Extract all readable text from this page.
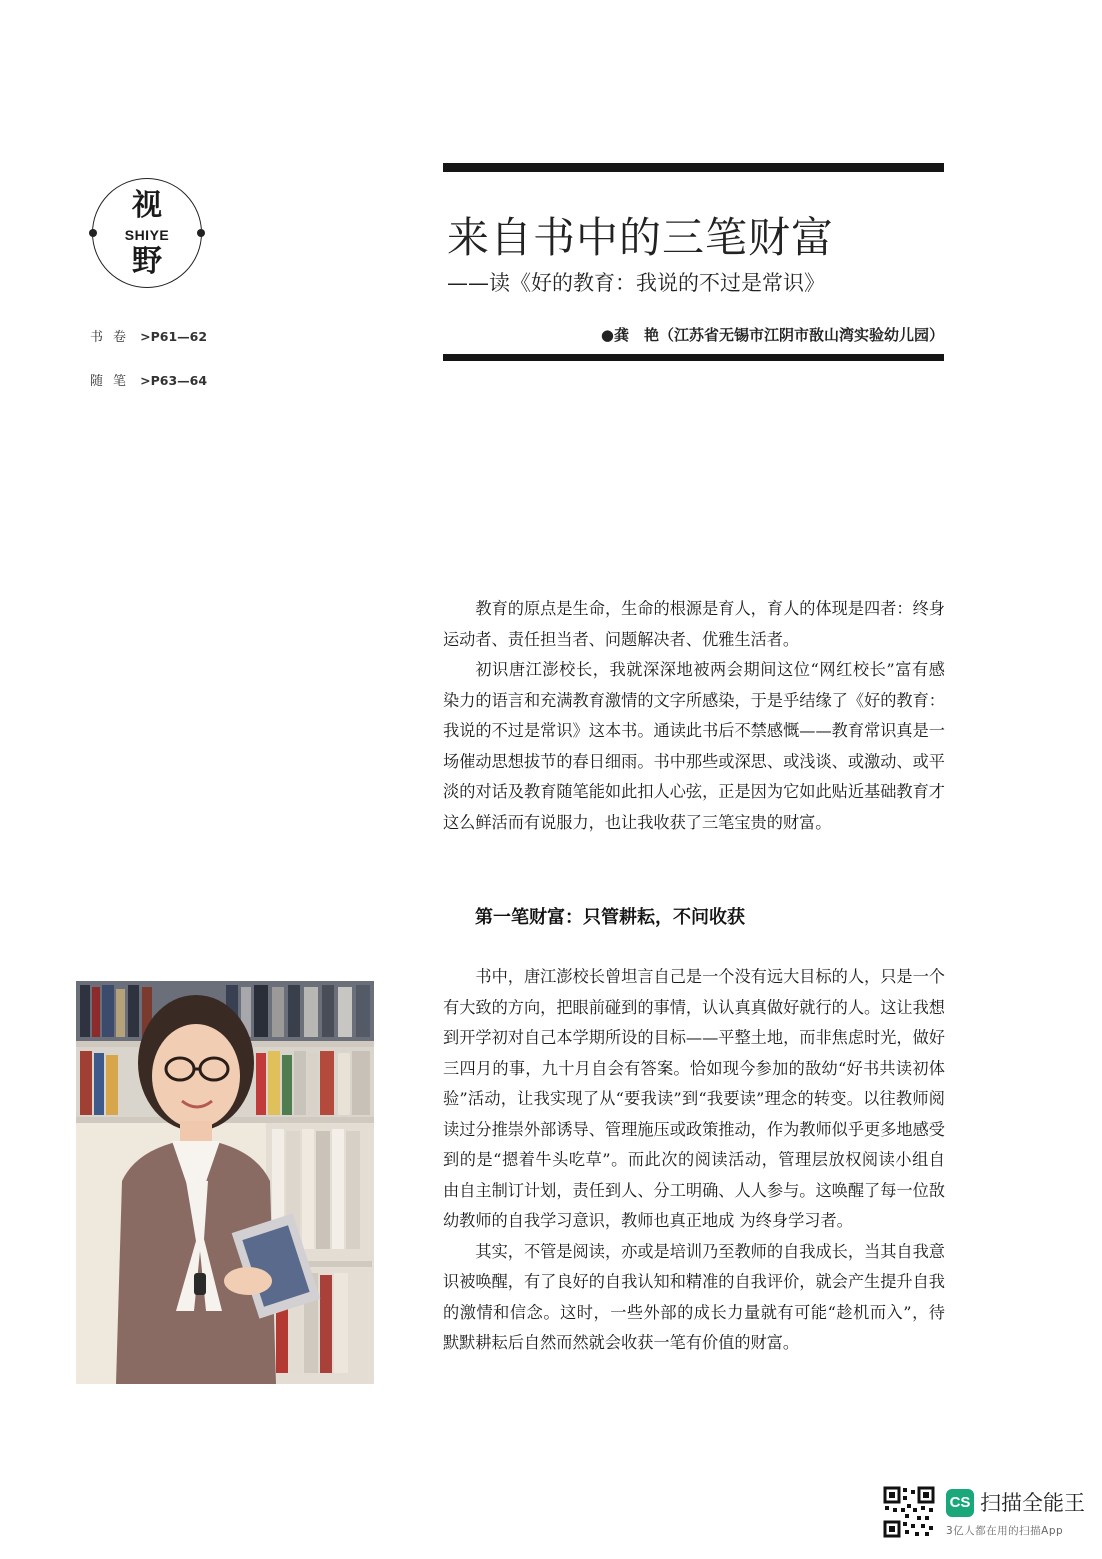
视
SHIYE
野
书卷 >P61—62
随笔 >P63—64
来自书中的三笔财富
——读《好的教育：我说的不过是常识》
●龚　艳（江苏省无锡市江阴市敔山湾实验幼儿园）

教育的原点是生命，生命的根源是育人，育人的体现是四者：终身运动者、责任担当者、问题解决者、优雅生活者。

初识唐江澎校长，我就深深地被两会期间这位“网红校长”富有感染力的语言和充满教育激情的文字所感染，于是乎结缘了《好的教育：我说的不过是常识》这本书。通读此书后不禁感慨——教育常识真是一场催动思想拔节的春日细雨。书中那些或深思、或浅谈、或激动、或平淡的对话及教育随笔能如此扣人心弦，正是因为它如此贴近基础教育才这么鲜活而有说服力，也让我收获了三笔宝贵的财富。

第一笔财富：只管耕耘，不问收获

书中，唐江澎校长曾坦言自己是一个没有远大目标的人，只是一个有大致的方向，把眼前碰到的事情，认认真真做好就行的人。这让我想到开学初对自己本学期所设的目标——平整土地，而非焦虑时光，做好三四月的事，九十月自会有答案。恰如现今参加的敔幼“好书共读初体验”活动，让我实现了从“要我读”到“我要读”理念的转变。以往教师阅读过分推崇外部诱导、管理施压或政策推动，作为教师似乎更多地感受到的是“摁着牛头吃草”。而此次的阅读活动，管理层放权阅读小组自由自主制订计划，责任到人、分工明确、人人参与。这唤醒了每一位敔幼教师的自我学习意识，教师也真正地成 为终身学习者。

其实，不管是阅读，亦或是培训乃至教师的自我成长，当其自我意识被唤醒，有了良好的自我认知和精准的自我评价，就会产生提升自我的激情和信念。这时，一些外部的成长力量就有可能“趁机而入”，待默默耕耘后自然而然就会收获一笔有价值的财富。

CS 扫描全能王
3亿人都在用的扫描App
